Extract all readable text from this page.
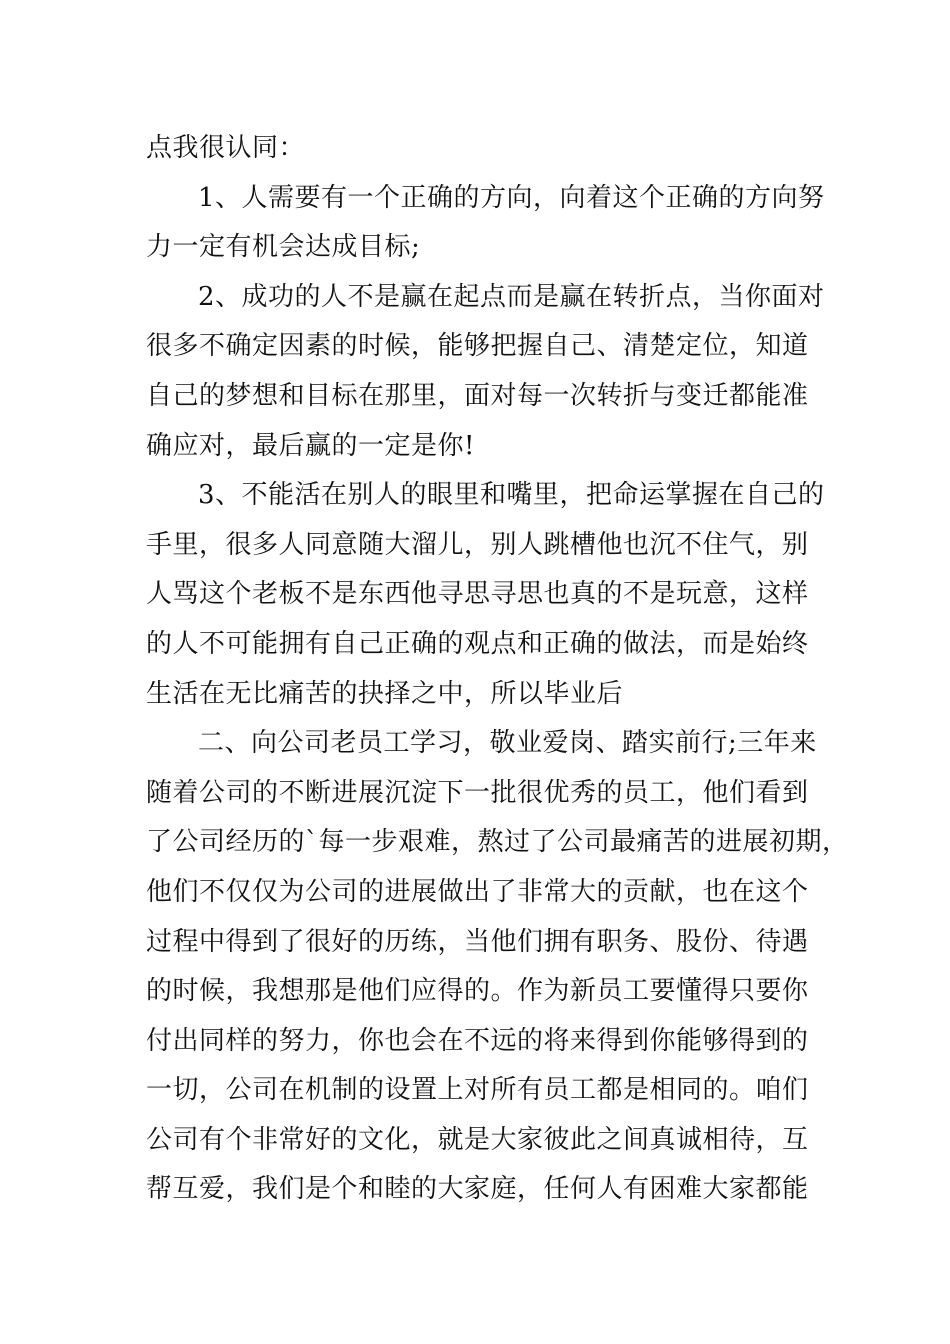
点我很认同：

1、人需要有一个正确的方向，向着这个正确的方向努

力一定有机会达成目标;

2、成功的人不是赢在起点而是赢在转折点，当你面对

很多不确定因素的时候，能够把握自己、清楚定位，知道

自己的梦想和目标在那里，面对每一次转折与变迁都能准

确应对，最后赢的一定是你!

3、不能活在别人的眼里和嘴里，把命运掌握在自己的

手里，很多人同意随大溜儿，别人跳槽他也沉不住气，别

人骂这个老板不是东西他寻思寻思也真的不是玩意，这样

的人不可能拥有自己正确的观点和正确的做法，而是始终

生活在无比痛苦的抉择之中，所以毕业后

二、向公司老员工学习，敬业爱岗、踏实前行;三年来

随着公司的不断进展沉淀下一批很优秀的员工，他们看到

了公司经历的`每一步艰难，熬过了公司最痛苦的进展初期，

他们不仅仅为公司的进展做出了非常大的贡献，也在这个

过程中得到了很好的历练，当他们拥有职务、股份、待遇

的时候，我想那是他们应得的。作为新员工要懂得只要你

付出同样的努力，你也会在不远的将来得到你能够得到的

一切，公司在机制的设置上对所有员工都是相同的。咱们

公司有个非常好的文化，就是大家彼此之间真诚相待，互

帮互爱，我们是个和睦的大家庭，任何人有困难大家都能
